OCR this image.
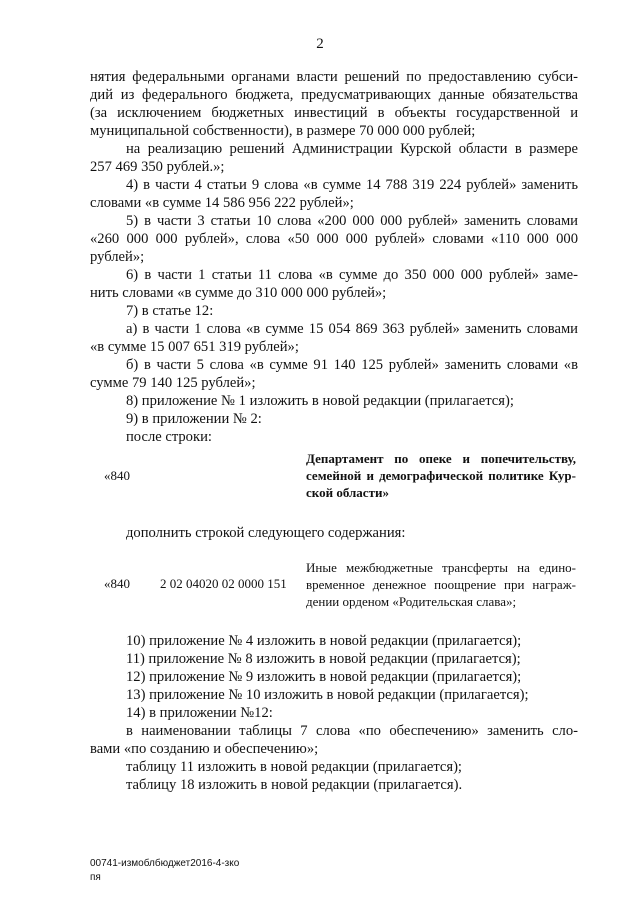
2
нятия федеральными органами власти решений по предоставлению субси-
дий из федерального бюджета, предусматривающих данные обязательства
(за исключением бюджетных инвестиций в объекты государственной и
муниципальной собственности), в размере 70 000 000 рублей;
на реализацию решений Администрации Курской области в размере
257 469 350 рублей.»;
4) в части 4 статьи 9 слова «в сумме 14 788 319 224 рублей» заменить
словами «в сумме 14 586 956 222 рублей»;
5) в части 3 статьи 10 слова «200 000 000 рублей» заменить словами
«260 000 000 рублей», слова «50 000 000 рублей» словами «110 000 000
рублей»;
6) в части 1 статьи 11 слова «в сумме до 350 000 000 рублей» заме-
нить словами «в сумме до 310 000 000 рублей»;
7) в статье 12:
а) в части 1 слова «в сумме 15 054 869 363 рублей» заменить словами
«в сумме 15 007 651 319 рублей»;
б) в части 5 слова «в сумме 91 140 125 рублей» заменить словами «в
сумме 79 140 125 рублей»;
8) приложение № 1 изложить в новой редакции (прилагается);
9) в приложении № 2:
после строки:
«840
Департамент по опеке и попечительству,
семейной и демографической политике Кур-
ской области»
дополнить строкой следующего содержания:
«840 2 02 04020 02 0000 151
Иные межбюджетные трансферты на едино-
временное денежное поощрение при награж-
дении орденом «Родительская слава»;
10) приложение № 4 изложить в новой редакции (прилагается);
11) приложение № 8 изложить в новой редакции (прилагается);
12) приложение № 9 изложить в новой редакции (прилагается);
13) приложение № 10 изложить в новой редакции (прилагается);
14) в приложении №12:
в наименовании таблицы 7 слова «по обеспечению» заменить сло-
вами «по созданию и обеспечению»;
таблицу 11 изложить в новой редакции (прилагается);
таблицу 18 изложить в новой редакции (прилагается).
00741-измоблбюджет2016-4-зко
пя
